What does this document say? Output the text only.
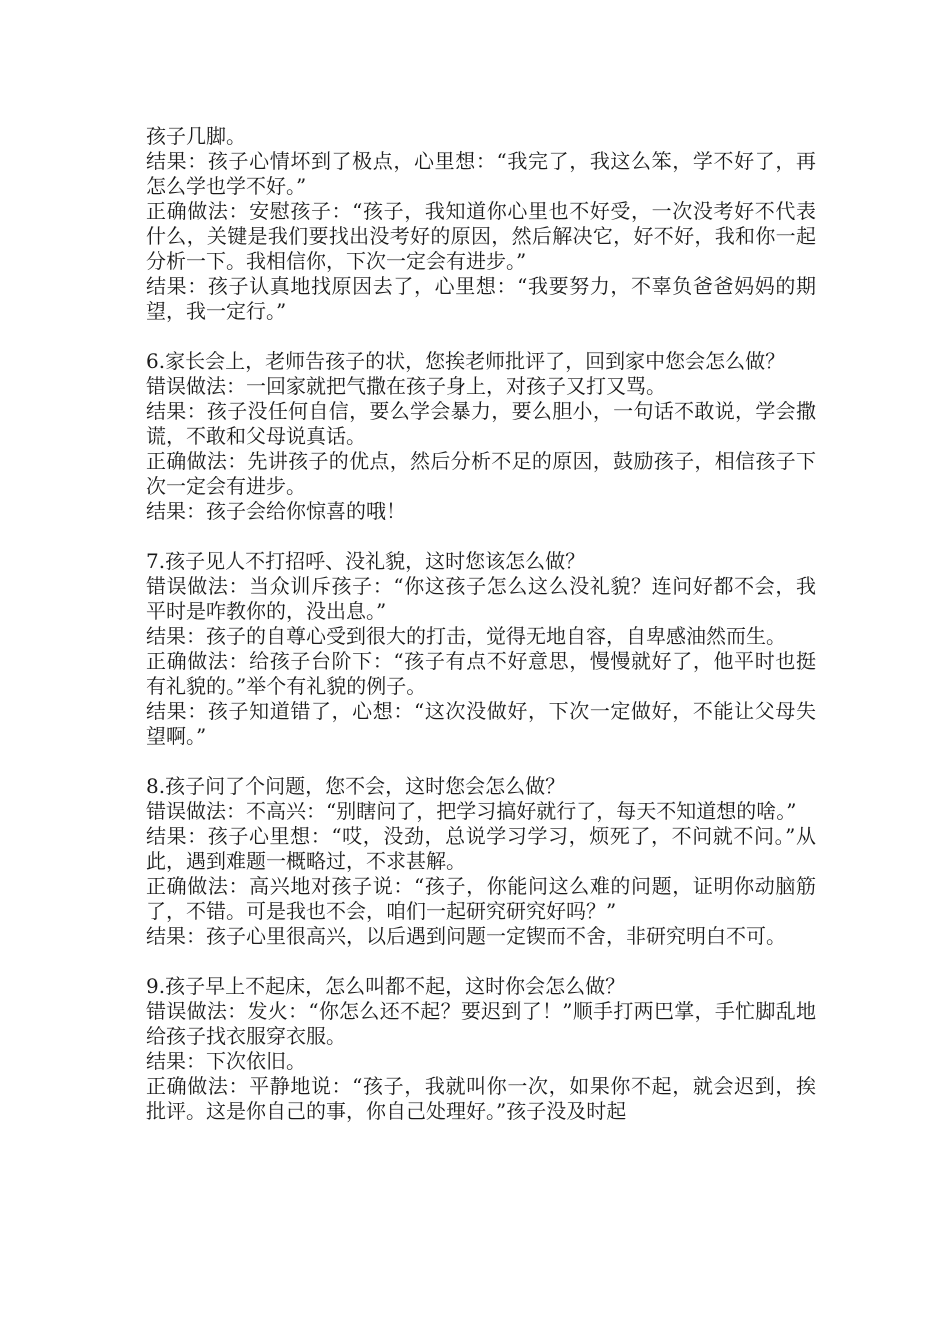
孩子几脚。

结果：孩子心情坏到了极点，心里想：“我完了，我这么笨，学不好了，再怎么学也学不好。”

正确做法：安慰孩子：“孩子，我知道你心里也不好受，一次没考好不代表什么，关键是我们要找出没考好的原因，然后解决它，好不好，我和你一起分析一下。我相信你，下次一定会有进步。”

结果：孩子认真地找原因去了，心里想：“我要努力，不辜负爸爸妈妈的期望，我一定行。”

6.家长会上，老师告孩子的状，您挨老师批评了，回到家中您会怎么做？

错误做法：一回家就把气撒在孩子身上，对孩子又打又骂。

结果：孩子没任何自信，要么学会暴力，要么胆小，一句话不敢说，学会撒谎，不敢和父母说真话。

正确做法：先讲孩子的优点，然后分析不足的原因，鼓励孩子，相信孩子下次一定会有进步。

结果：孩子会给你惊喜的哦！

7.孩子见人不打招呼、没礼貌，这时您该怎么做？

错误做法：当众训斥孩子：“你这孩子怎么这么没礼貌？连问好都不会，我平时是咋教你的，没出息。”

结果：孩子的自尊心受到很大的打击，觉得无地自容，自卑感油然而生。

正确做法：给孩子台阶下：“孩子有点不好意思，慢慢就好了，他平时也挺有礼貌的。”举个有礼貌的例子。

结果：孩子知道错了，心想：“这次没做好，下次一定做好，不能让父母失望啊。”

8.孩子问了个问题，您不会，这时您会怎么做？

错误做法：不高兴：“别瞎问了，把学习搞好就行了，每天不知道想的啥。”

结果：孩子心里想：“哎，没劲，总说学习学习，烦死了，不问就不问。”从此，遇到难题一概略过，不求甚解。

正确做法：高兴地对孩子说：“孩子，你能问这么难的问题，证明你动脑筋了，不错。可是我也不会，咱们一起研究研究好吗？”

结果：孩子心里很高兴，以后遇到问题一定锲而不舍，非研究明白不可。

9.孩子早上不起床，怎么叫都不起，这时你会怎么做？

错误做法：发火：“你怎么还不起？要迟到了！”顺手打两巴掌，手忙脚乱地给孩子找衣服穿衣服。

结果：下次依旧。

正确做法：平静地说：“孩子，我就叫你一次，如果你不起，就会迟到，挨批评。这是你自己的事，你自己处理好。”孩子没及时起
